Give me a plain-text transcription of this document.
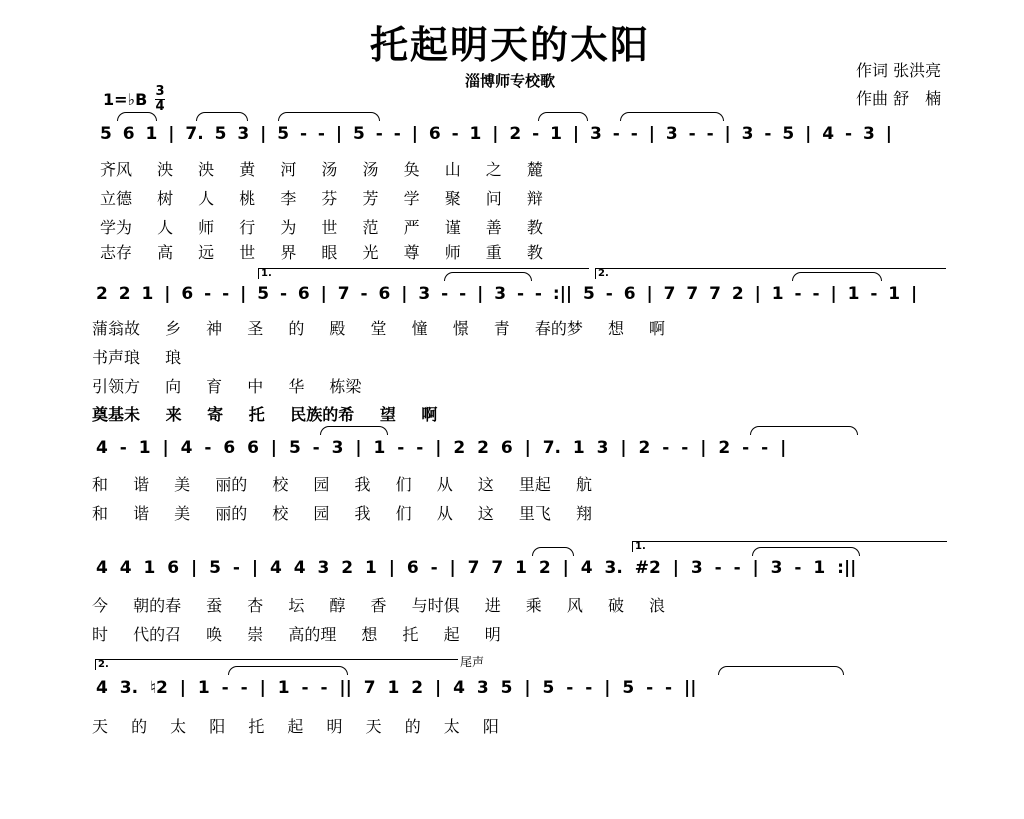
托起明天的太阳
淄博师专校歌
作词 张洪亮
作曲 舒　楠
1=♭B 3
4
5 6 1 | 7. 5 3 | 5 - - | 5 - - | 6 - 1 | 2 - 1 | 3 - - | 3 - - | 3 - 5 | 4 - 3 |
齐风 泱 泱 黄 河 汤 汤 奂 山 之 麓
立德 树 人 桃 李 芬 芳 学 聚 问 辩
学为 人 师 行 为 世 范 严 谨 善 教
志存 高 远 世 界 眼 光 尊 师 重 教
1.	2.
2 2 1 | 6 - - | 5 - 6 | 7 - 6 | 3 - - | 3 - - :|| 5 - 6 | 7 7 7 2 | 1 - - | 1 - 1 |
蒲翁故 乡 神 圣 的 殿 堂 憧 憬 青 春的梦 想 啊
书声琅 琅
引领方 向 育 中 华 栋梁
奠基未 来 寄 托 民族的希 望 啊
4 - 1 | 4 - 6 6 | 5 - 3 | 1 - - | 2 2 6 | 7. 1 3 | 2 - - | 2 - - |
和 谐 美 丽的 校 园 我 们 从 这 里起 航
和 谐 美 丽的 校 园 我 们 从 这 里飞 翔
1.
4 4 1 6 | 5 - | 4 4 3 2 1 | 6 - | 7 7 1 2 | 4 3. #2 | 3 - - | 3 - 1 :||
今 朝的春 蚕 杏 坛 醇 香 与时俱 进 乘 风 破 浪
时 代的召 唤 崇 高的理 想 托 起 明
2.	尾声
4 3. ♮2 | 1 - - | 1 - - || 7 1 2 | 4 3 5 | 5 - - | 5 - - ||
天 的 太 阳 托 起 明 天 的 太 阳
